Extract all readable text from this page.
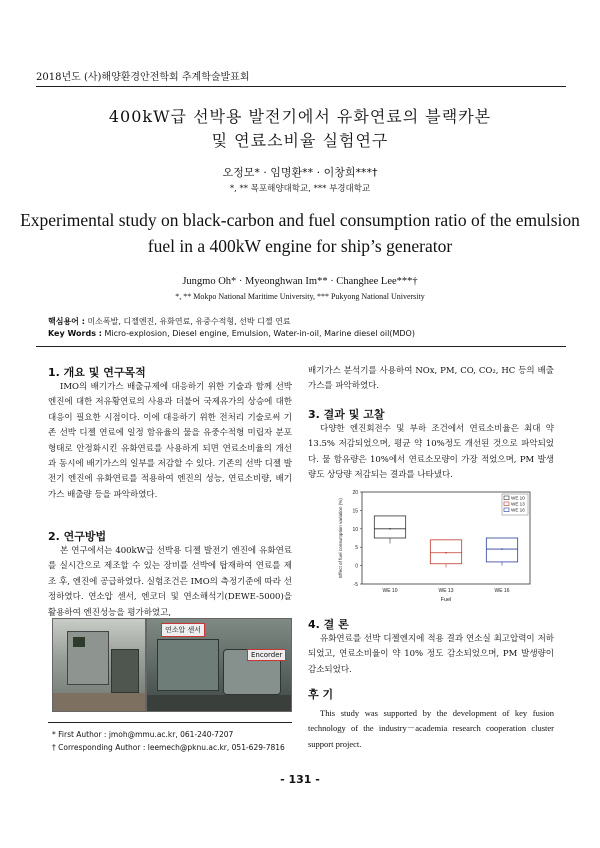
2018년도 (사)해양환경안전학회 추계학술발표회
400kW급 선박용 발전기에서 유화연료의 블랙카본
및 연료소비율 실험연구
오정모* · 임명환** · 이창희***†
*, ** 목포해양대학교, *** 부경대학교
Experimental study on black-carbon and fuel consumption ratio of the emulsion
fuel in a 400kW engine for ship’s generator
Jungmo Oh* · Myeonghwan Im** · Changhee Lee***†
*, ** Mokpo National Maritime University, *** Pukyong National University
핵심용어 : 미소폭발, 디젤엔진, 유화연료, 유중수적형, 선박 디젤 연료
Key Words : Micro-explosion, Diesel engine, Emulsion, Water-in-oil, Marine diesel oil(MDO)
1. 개요 및 연구목적
IMO의 배기가스 배출규제에 대응하기 위한 기술과 함께 선박엔진에 대한 저유황연료의 사용과 더불어 국제유가의 상승에 대한 대응이 필요한 시점이다. 이에 대응하기 위한 전처리 기술로써 기존 선박 디젤 연료에 일정 함유율의 물을 유중수적형 미립자 분포 형태로 안정화시킨 유화연료를 사용하게 되면 연료소비율의 개선과 동시에 배기가스의 일부를 저감할 수 있다. 기존의 선박 디젤 발전기 엔진에 유화연료를 적용하여 엔진의 성능, 연료소비량, 배기가스 배출량 등을 파악하였다.
2. 연구방법
본 연구에서는 400kW급 선박용 디젤 발전기 엔진에 유화연료를 실시간으로 제조할 수 있는 장비를 선박에 탑재하여 연료를 제조 후, 엔진에 공급하였다. 실험조건은 IMO의 측정기준에 따라 선정하였다. 연소압 센서, 엔코더 및 연소해석기(DEWE-5000)을 활용하여 엔진성능을 평가하였고,
연소압 센서
Encorder
* First Author : jmoh@mmu.ac.kr, 061-240-7207
† Corresponding Author : leemech@pknu.ac.kr, 051-629-7816
배기가스 분석기를 사용하여 NOx, PM, CO, CO₂, HC 등의 배출가스를 파악하였다.
3. 결과 및 고찰
다양한 엔진회전수 및 부하 조건에서 연료소비율은 최대 약 13.5% 저감되었으며, 평균 약 10%정도 개선된 것으로 파악되었다. 물 함유량은 10%에서 연료소모량이 가장 적었으며, PM 발생량도 상당량 저감되는 결과를 나타냈다.
-5
0
5
10
15
20
WE 10	WE 13	WE 16
Fuel
Effect of fuel consumption variation (%)
WE 10
WE 13
WE 16
4. 결 론
유화연료를 선박 디젤엔지에 적용 결과 연소실 최고압력이 저하되었고, 연료소비율이 약 10% 정도 감소되었으며, PM 발생량이 감소되었다.
후 기
This study was supported by the development of key fusion technology of the industry－academia research cooperation cluster support project.
- 131 -
